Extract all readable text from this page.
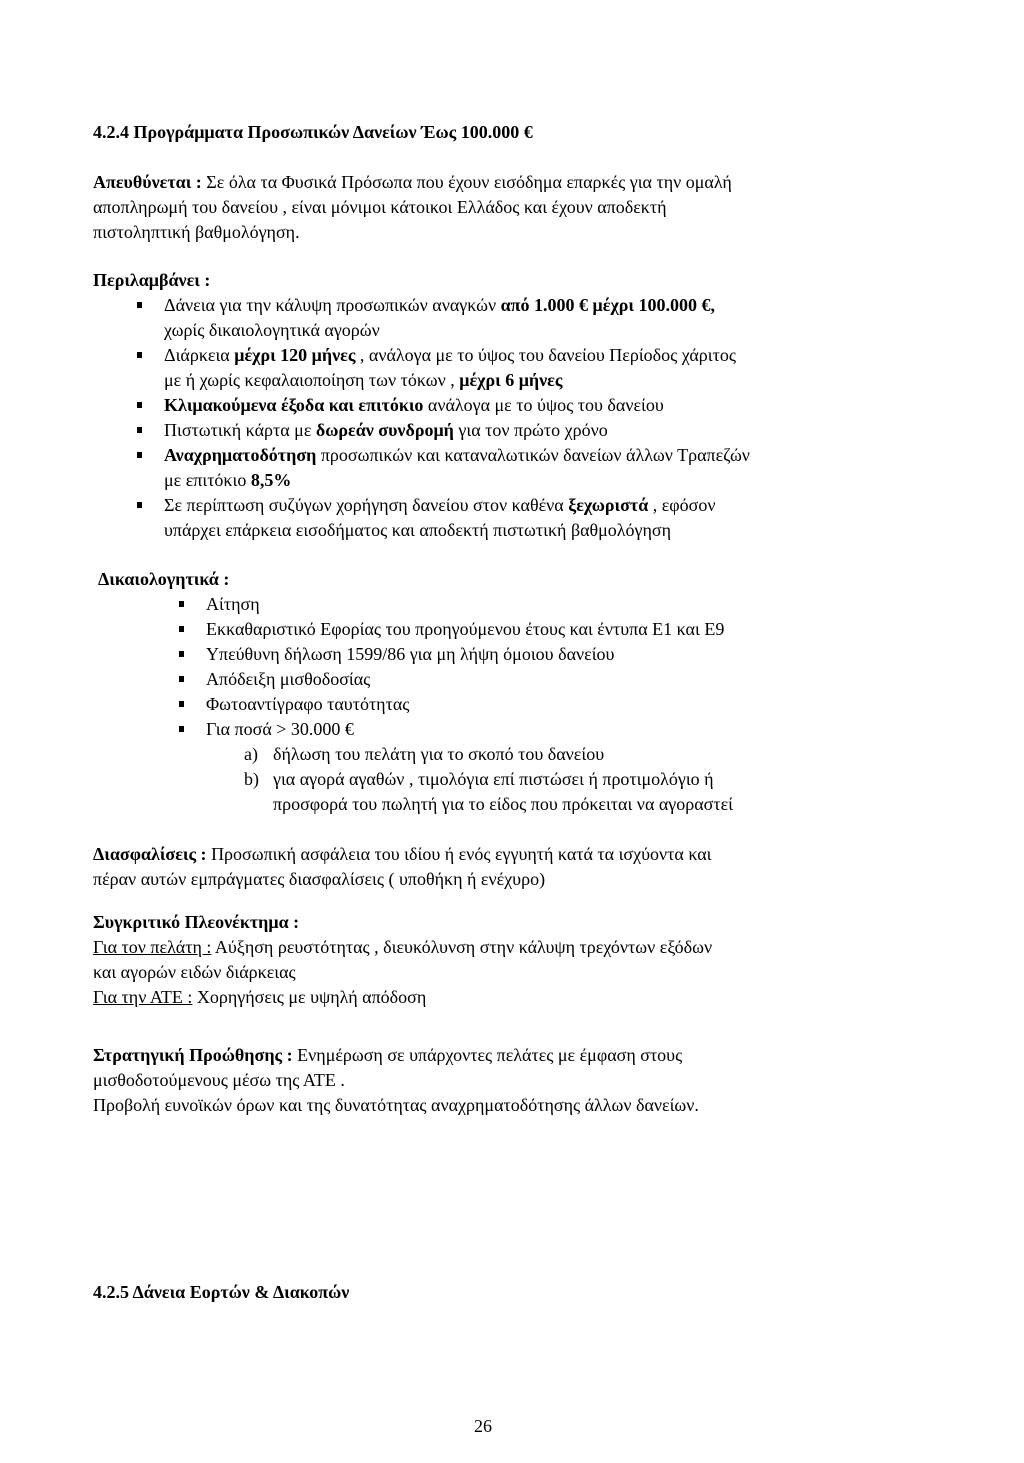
4.2.4 Προγράμματα Προσωπικών Δανείων Έως 100.000 €
Απευθύνεται : Σε όλα τα Φυσικά Πρόσωπα που έχουν εισόδημα επαρκές για την ομαλή
αποπληρωμή του δανείου , είναι μόνιμοι κάτοικοι Ελλάδος και έχουν αποδεκτή
πιστοληπτική βαθμολόγηση.
Περιλαμβάνει :
Δάνεια για την κάλυψη προσωπικών αναγκών από 1.000 € μέχρι 100.000 €,
χωρίς δικαιολογητικά αγορών
Διάρκεια μέχρι 120 μήνες , ανάλογα με το ύψος του δανείου Περίοδος χάριτος
με ή χωρίς κεφαλαιοποίηση των τόκων , μέχρι 6 μήνες
Κλιμακούμενα έξοδα και επιτόκιο ανάλογα με το ύψος του δανείου
Πιστωτική κάρτα με δωρεάν συνδρομή για τον πρώτο χρόνο
Αναχρηματοδότηση προσωπικών και καταναλωτικών δανείων άλλων Τραπεζών
με επιτόκιο 8,5%
Σε περίπτωση συζύγων χορήγηση δανείου στον καθένα ξεχωριστά , εφόσον
υπάρχει επάρκεια εισοδήματος και αποδεκτή πιστωτική βαθμολόγηση
Δικαιολογητικά :
Αίτηση
Εκκαθαριστικό Εφορίας του προηγούμενου έτους και έντυπα Ε1 και Ε9
Υπεύθυνη δήλωση 1599/86 για μη λήψη όμοιου δανείου
Απόδειξη μισθοδοσίας
Φωτοαντίγραφο ταυτότητας
Για ποσά > 30.000 €
a) δήλωση του πελάτη για το σκοπό του δανείου
b) για αγορά αγαθών , τιμολόγια επί πιστώσει ή προτιμολόγιο ή
προσφορά του πωλητή για το είδος που πρόκειται να αγοραστεί
Διασφαλίσεις : Προσωπική ασφάλεια του ιδίου ή ενός εγγυητή κατά τα ισχύοντα και
πέραν αυτών εμπράγματες διασφαλίσεις ( υποθήκη ή ενέχυρο)
Συγκριτικό Πλεονέκτημα :
Για τον πελάτη : Αύξηση ρευστότητας , διευκόλυνση στην κάλυψη τρεχόντων εξόδων
και αγορών ειδών διάρκειας
Για την ΑΤΕ : Χορηγήσεις με υψηλή απόδοση
Στρατηγική Προώθησης : Ενημέρωση σε υπάρχοντες πελάτες με έμφαση στους
μισθοδοτούμενους μέσω της ΑΤΕ .
Προβολή ευνοϊκών όρων και της δυνατότητας αναχρηματοδότησης άλλων δανείων.
4.2.5 Δάνεια Εορτών & Διακοπών
26
